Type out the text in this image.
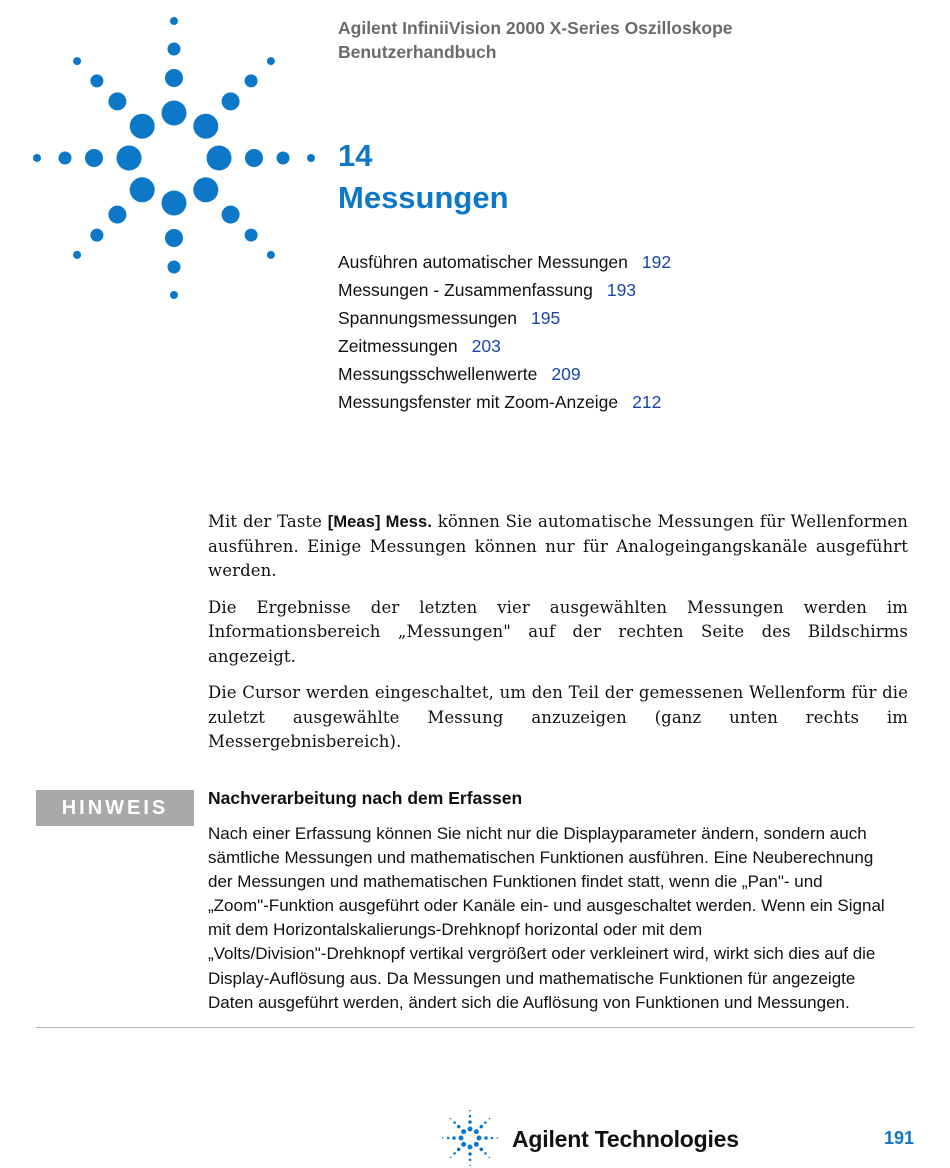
Agilent InfiniiVision 2000 X-Series Oszilloskope
Benutzerhandbuch
14
Messungen
Ausführen automatischer Messungen 192
Messungen - Zusammenfassung 193
Spannungsmessungen 195
Zeitmessungen 203
Messungsschwellenwerte 209
Messungsfenster mit Zoom-Anzeige 212

Mit der Taste [Meas] Mess. können Sie automatische Messungen für Wellenformen ausführen. Einige Messungen können nur für Analogeingangskanäle ausgeführt werden.

Die Ergebnisse der letzten vier ausgewählten Messungen werden im Informationsbereich „Messungen" auf der rechten Seite des Bildschirms angezeigt.

Die Cursor werden eingeschaltet, um den Teil der gemessenen Wellenform für die zuletzt ausgewählte Messung anzuzeigen (ganz unten rechts im Messergebnisbereich).

HINWEIS	Nachverarbeitung nach dem Erfassen
Nach einer Erfassung können Sie nicht nur die Displayparameter ändern, sondern auch
sämtliche Messungen und mathematischen Funktionen ausführen. Eine Neuberechnung
der Messungen und mathematischen Funktionen findet statt, wenn die „Pan"- und
„Zoom"-Funktion ausgeführt oder Kanäle ein- und ausgeschaltet werden. Wenn ein Signal
mit dem Horizontalskalierungs-Drehknopf horizontal oder mit dem
„Volts/Division"-Drehknopf vertikal vergrößert oder verkleinert wird, wirkt sich dies auf die
Display-Auflösung aus. Da Messungen und mathematische Funktionen für angezeigte
Daten ausgeführt werden, ändert sich die Auflösung von Funktionen und Messungen.
Agilent Technologies	191
